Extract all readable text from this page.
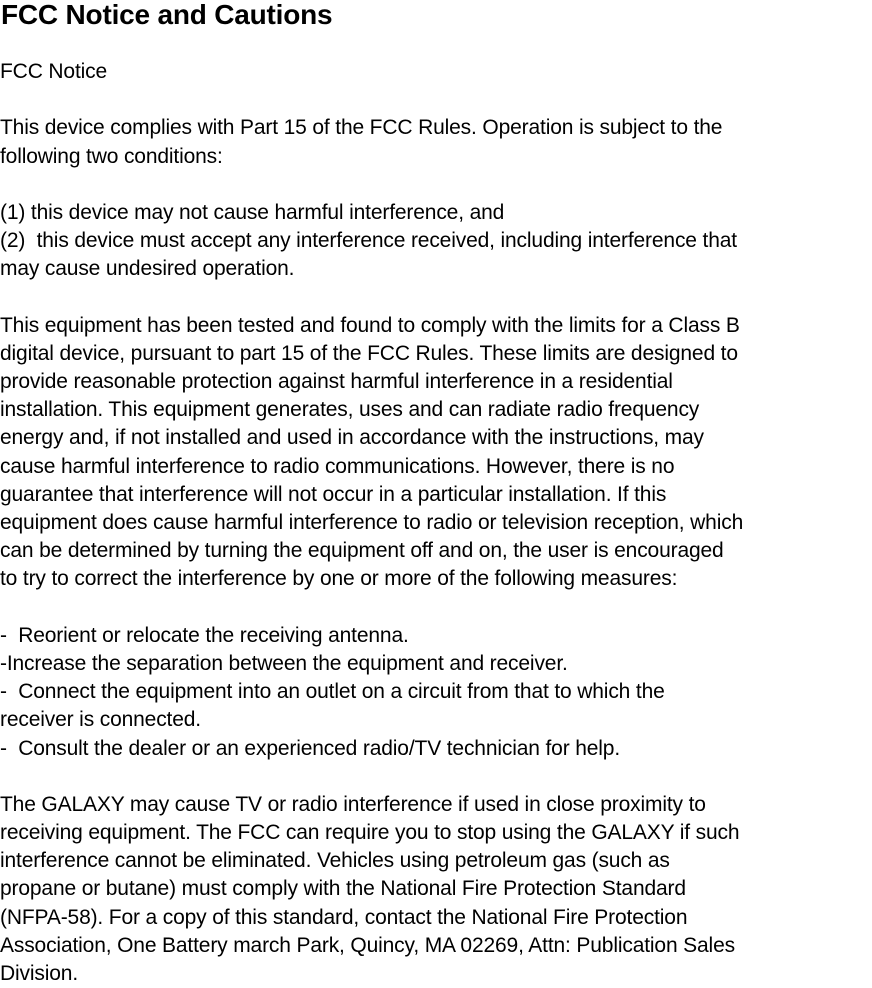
FCC Notice and Cautions
FCC Notice
This device complies with Part 15 of the FCC Rules. Operation is subject to the
following two conditions:
(1) this device may not cause harmful interference, and
(2)  this device must accept any interference received, including interference that
may cause undesired operation.
This equipment has been tested and found to comply with the limits for a Class B
digital device, pursuant to part 15 of the FCC Rules. These limits are designed to
provide reasonable protection against harmful interference in a residential
installation. This equipment generates, uses and can radiate radio frequency
energy and, if not installed and used in accordance with the instructions, may
cause harmful interference to radio communications. However, there is no
guarantee that interference will not occur in a particular installation. If this
equipment does cause harmful interference to radio or television reception, which
can be determined by turning the equipment off and on, the user is encouraged
to try to correct the interference by one or more of the following measures:
-  Reorient or relocate the receiving antenna.
-Increase the separation between the equipment and receiver.
-  Connect the equipment into an outlet on a circuit from that to which the
receiver is connected.
-  Consult the dealer or an experienced radio/TV technician for help.
The GALAXY may cause TV or radio interference if used in close proximity to
receiving equipment. The FCC can require you to stop using the GALAXY if such
interference cannot be eliminated. Vehicles using petroleum gas (such as
propane or butane) must comply with the National Fire Protection Standard
(NFPA-58). For a copy of this standard, contact the National Fire Protection
Association, One Battery march Park, Quincy, MA 02269, Attn: Publication Sales
Division.
